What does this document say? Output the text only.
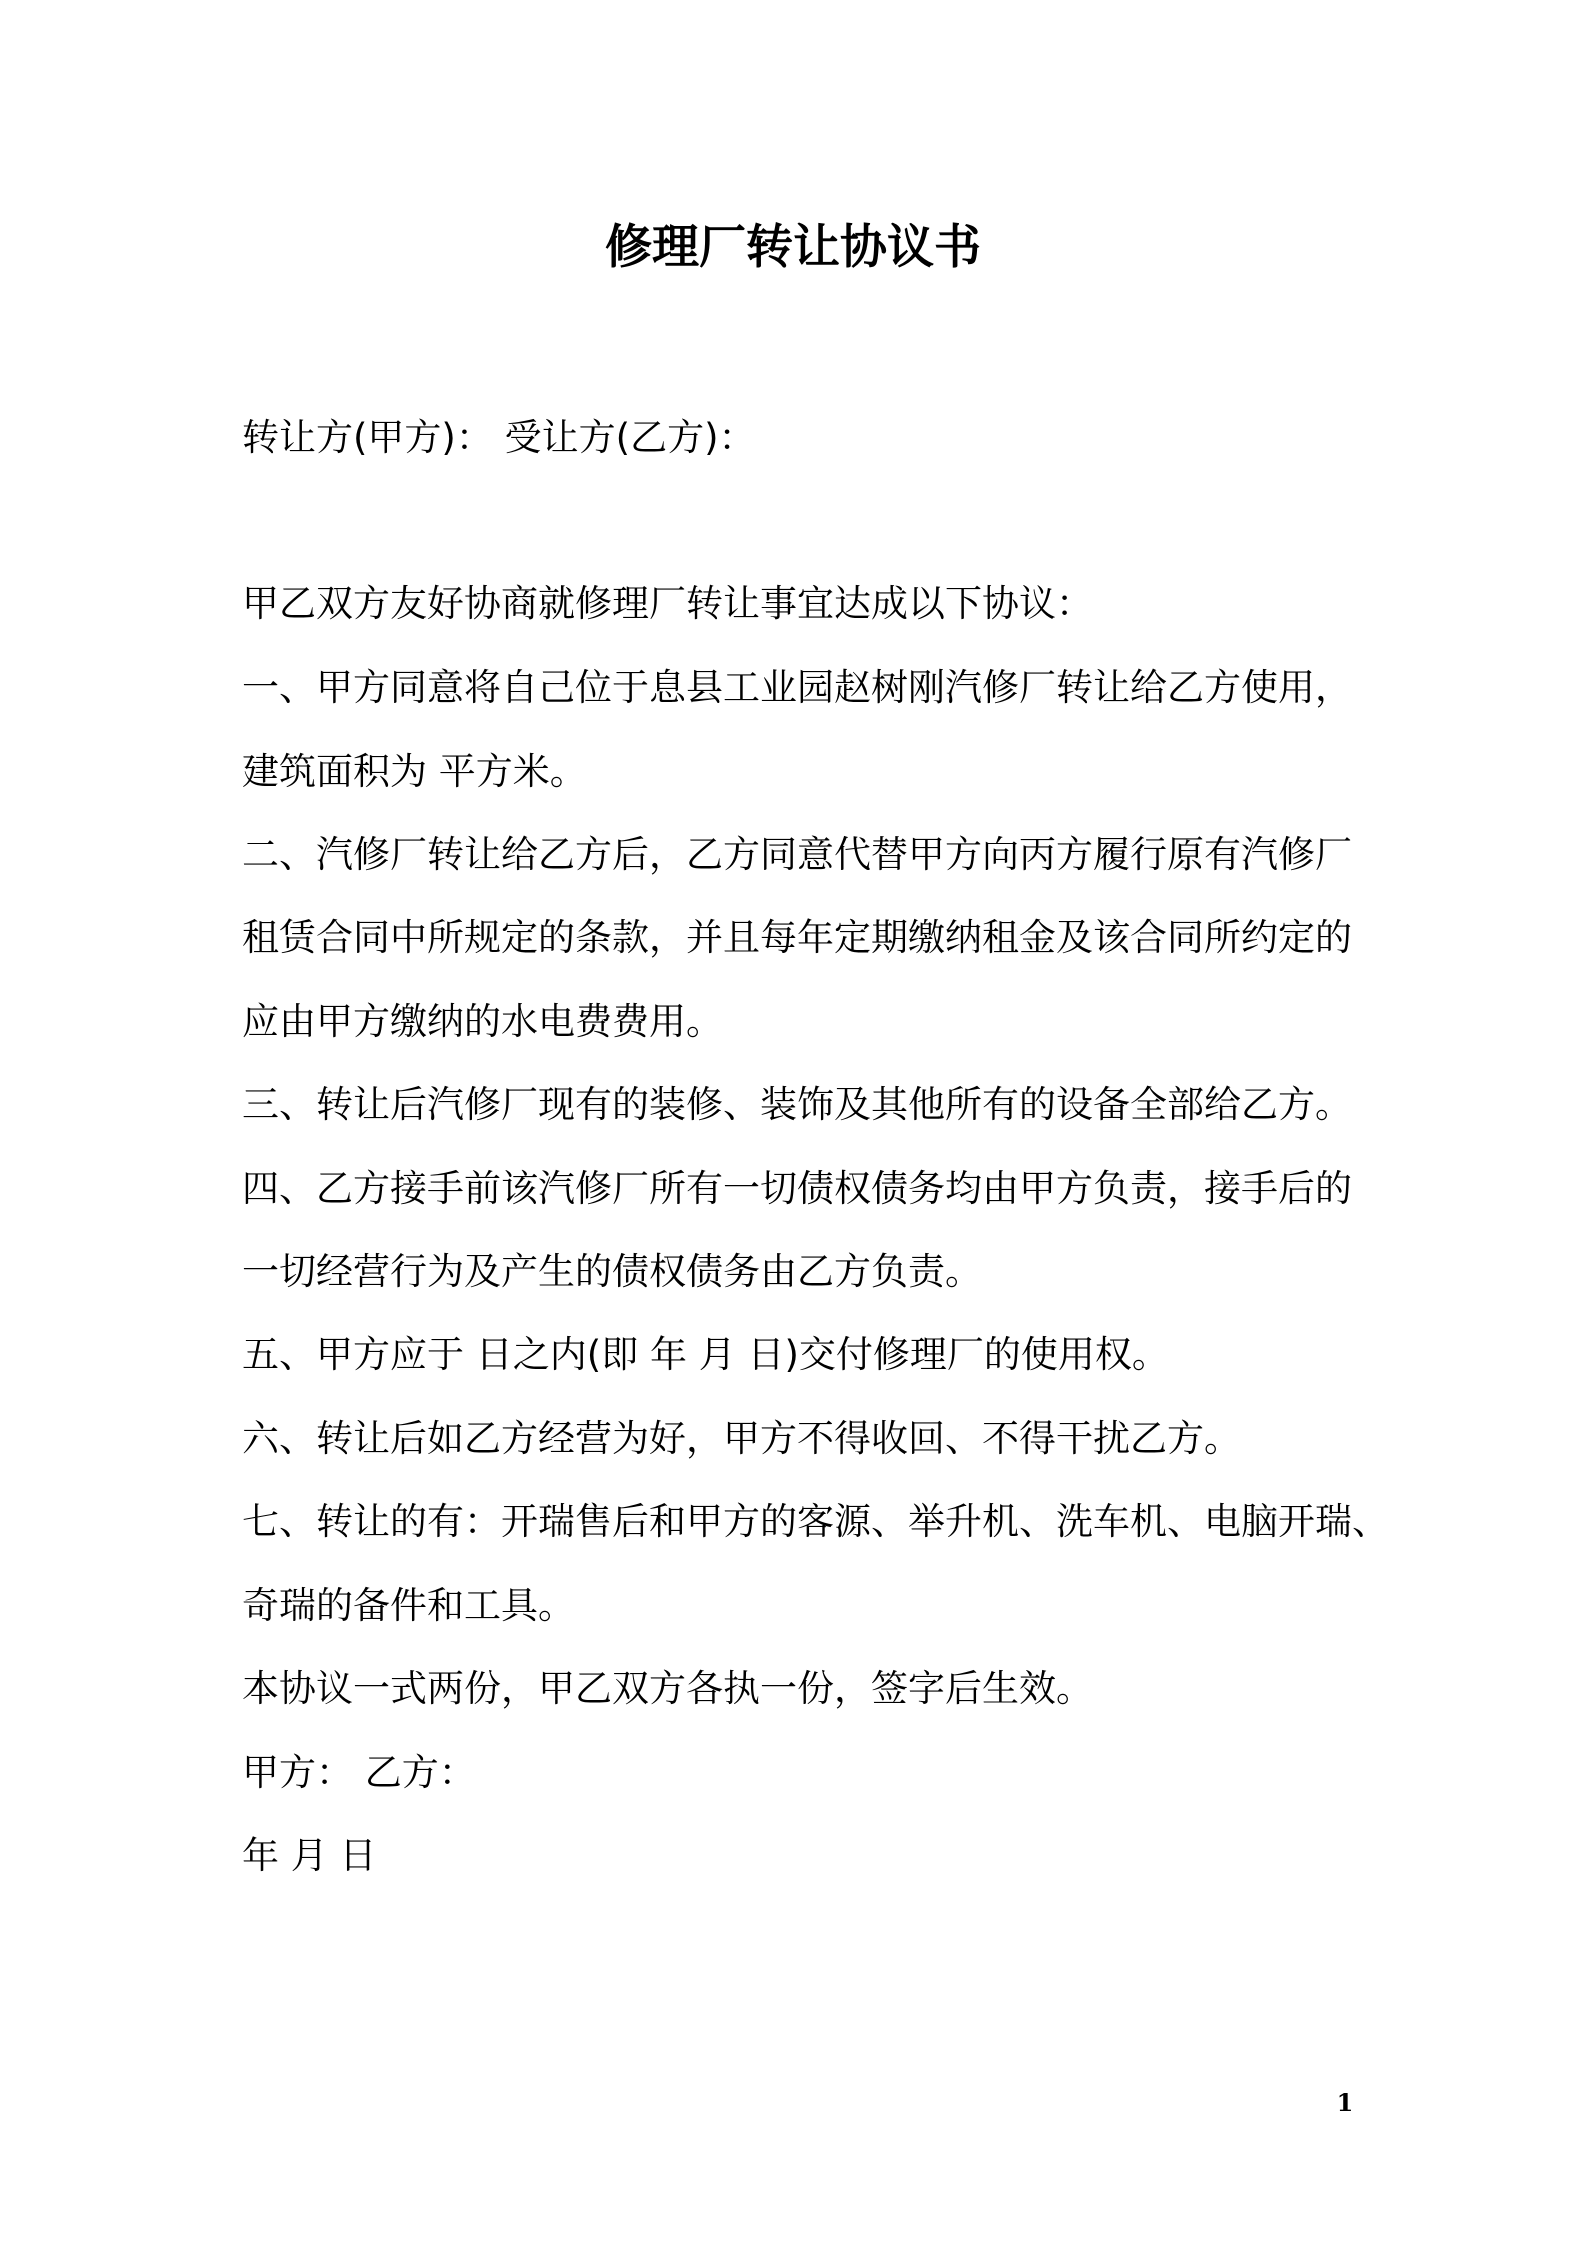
修理厂转让协议书

转让方(甲方)： 受让方(乙方)：

甲乙双方友好协商就修理厂转让事宜达成以下协议：

一、甲方同意将自己位于息县工业园赵树刚汽修厂转让给乙方使用，

建筑面积为 平方米。

二、汽修厂转让给乙方后，乙方同意代替甲方向丙方履行原有汽修厂

租赁合同中所规定的条款，并且每年定期缴纳租金及该合同所约定的

应由甲方缴纳的水电费费用。

三、转让后汽修厂现有的装修、装饰及其他所有的设备全部给乙方。

四、乙方接手前该汽修厂所有一切债权债务均由甲方负责，接手后的

一切经营行为及产生的债权债务由乙方负责。

五、甲方应于 日之内(即 年 月 日)交付修理厂的使用权。

六、转让后如乙方经营为好，甲方不得收回、不得干扰乙方。

七、转让的有：开瑞售后和甲方的客源、举升机、洗车机、电脑开瑞、

奇瑞的备件和工具。

本协议一式两份，甲乙双方各执一份，签字后生效。

甲方： 乙方：

年 月 日

1
